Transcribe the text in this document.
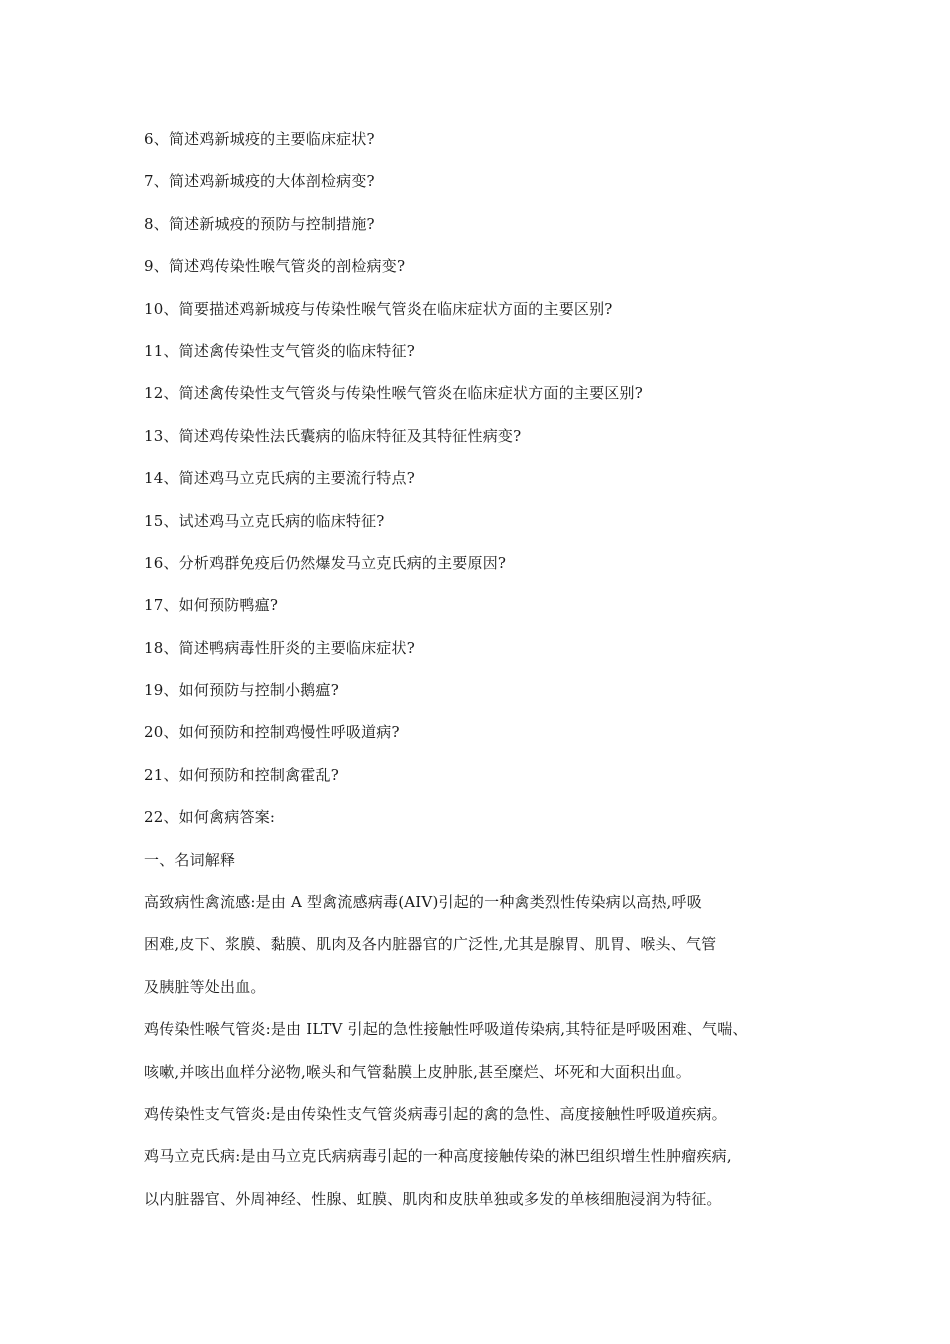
6、简述鸡新城疫的主要临床症状?
7、简述鸡新城疫的大体剖检病变?
8、简述新城疫的预防与控制措施?
9、简述鸡传染性喉气管炎的剖检病变?
10、简要描述鸡新城疫与传染性喉气管炎在临床症状方面的主要区别?
11、简述禽传染性支气管炎的临床特征?
12、简述禽传染性支气管炎与传染性喉气管炎在临床症状方面的主要区别?
13、简述鸡传染性法氏囊病的临床特征及其特征性病变?
14、简述鸡马立克氏病的主要流行特点?
15、试述鸡马立克氏病的临床特征?
16、分析鸡群免疫后仍然爆发马立克氏病的主要原因?
17、如何预防鸭瘟?
18、简述鸭病毒性肝炎的主要临床症状?
19、如何预防与控制小鹅瘟?
20、如何预防和控制鸡慢性呼吸道病?
21、如何预防和控制禽霍乱?
22、如何禽病答案:
一、名词解释
高致病性禽流感:是由 A 型禽流感病毒(AIV)引起的一种禽类烈性传染病以高热,呼吸
困难,皮下、浆膜、黏膜、肌肉及各内脏器官的广泛性,尤其是腺胃、肌胃、喉头、气管
及胰脏等处出血。
鸡传染性喉气管炎:是由 ILTV 引起的急性接触性呼吸道传染病,其特征是呼吸困难、气喘、
咳嗽,并咳出血样分泌物,喉头和气管黏膜上皮肿胀,甚至糜烂、坏死和大面积出血。
鸡传染性支气管炎:是由传染性支气管炎病毒引起的禽的急性、高度接触性呼吸道疾病。
鸡马立克氏病:是由马立克氏病病毒引起的一种高度接触传染的淋巴组织增生性肿瘤疾病,
以内脏器官、外周神经、性腺、虹膜、肌肉和皮肤单独或多发的单核细胞浸润为特征。
